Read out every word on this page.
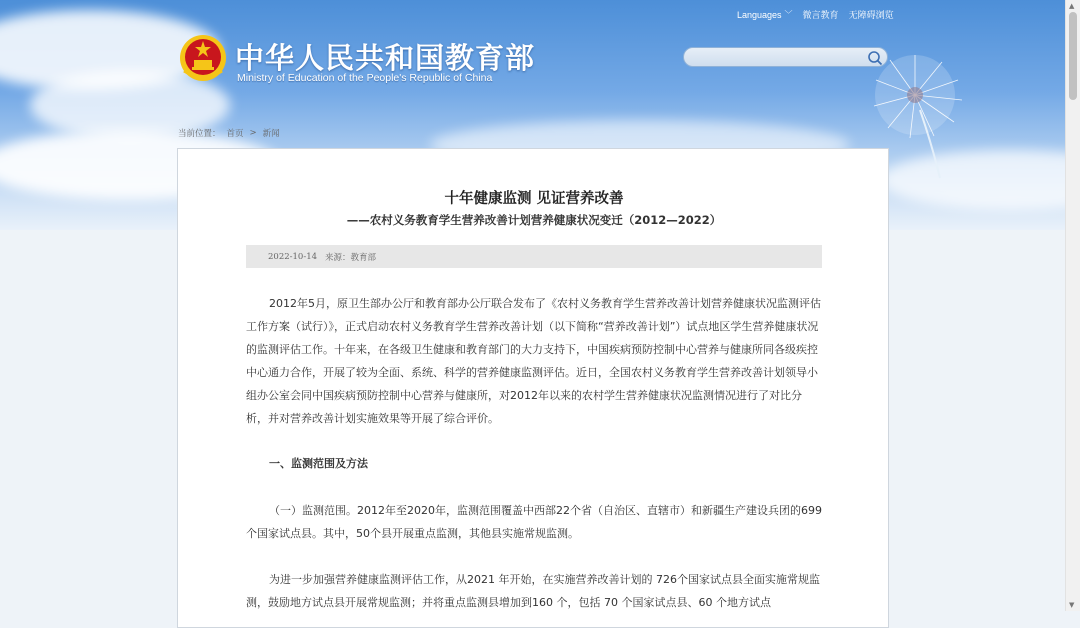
中华人民共和国教育部

Ministry of Education of the People's Republic of China

Languages ﹀ 微言教育 无障碍浏览
当前位置： 首页 > 新闻
十年健康监测 见证营养改善
——农村义务教育学生营养改善计划营养健康状况变迁（2012—2022）
2022-10-14 来源：教育部

2012年5月，原卫生部办公厅和教育部办公厅联合发布了《农村义务教育学生营养改善计划营养健康状况监测评估工作方案（试行）》，正式启动农村义务教育学生营养改善计划（以下简称“营养改善计划”）试点地区学生营养健康状况的监测评估工作。十年来，在各级卫生健康和教育部门的大力支持下，中国疾病预防控制中心营养与健康所同各级疾控中心通力合作，开展了较为全面、系统、科学的营养健康监测评估。近日，全国农村义务教育学生营养改善计划领导小组办公室会同中国疾病预防控制中心营养与健康所，对2012年以来的农村学生营养健康状况监测情况进行了对比分析，并对营养改善计划实施效果等开展了综合评价。

一、监测范围及方法

（一）监测范围。2012年至2020年，监测范围覆盖中西部22个省（自治区、直辖市）和新疆生产建设兵团的699个国家试点县。其中，50个县开展重点监测，其他县实施常规监测。

为进一步加强营养健康监测评估工作，从2021 年开始，在实施营养改善计划的 726个国家试点县全面实施常规监测，鼓励地方试点县开展常规监测；并将重点监测县增加到160 个，包括 70 个国家试点县、60 个地方试点

▲
▼
